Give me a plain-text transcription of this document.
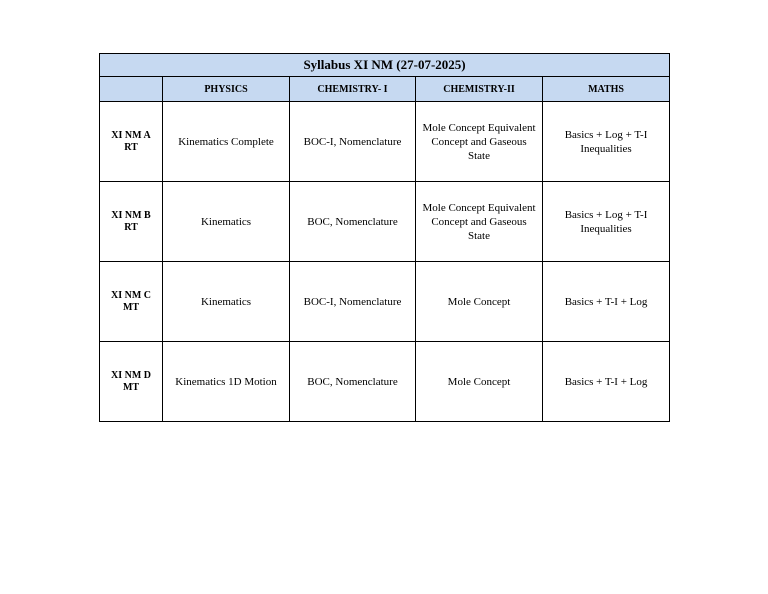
Syllabus XI NM (27-07-2025)				
	PHYSICS	CHEMISTRY- I	CHEMISTRY-II	MATHS
XI NM A RT	Kinematics Complete	BOC-I, Nomenclature	Mole Concept Equivalent Concept and Gaseous State	Basics + Log + T-I Inequalities
XI NM B RT	Kinematics	BOC, Nomenclature	Mole Concept Equivalent Concept and Gaseous State	Basics + Log + T-I Inequalities
XI NM C MT	Kinematics	BOC-I, Nomenclature	Mole Concept	Basics + T-I + Log
XI NM D MT	Kinematics 1D Motion	BOC, Nomenclature	Mole Concept	Basics + T-I + Log
